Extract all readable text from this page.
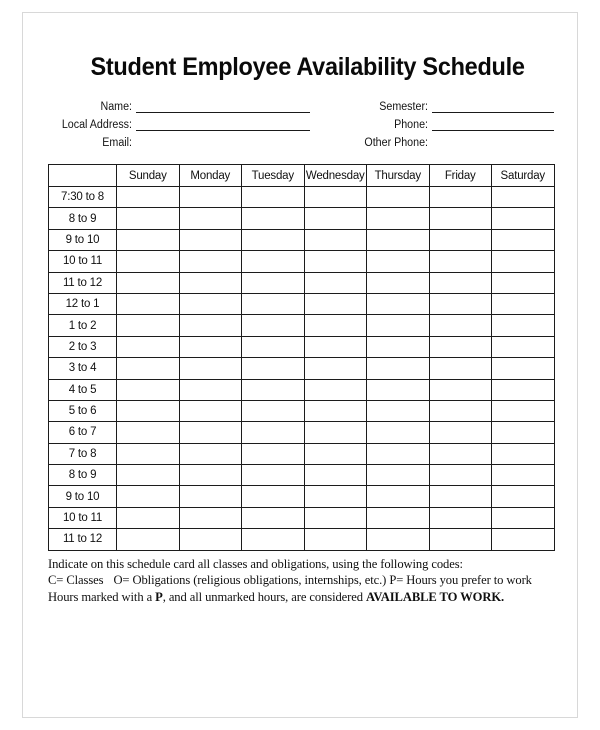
Student Employee Availability Schedule
Name:
Local Address:
Email:
Semester:
Phone:
Other Phone:
	Sunday	Monday	Tuesday	Wednesday	Thursday	Friday	Saturday
7:30 to 8							
8 to 9							
9 to 10							
10 to 11							
11 to 12							
12 to 1							
1 to 2							
2 to 3							
3 to 4							
4 to 5							
5 to 6							
6 to 7							
7 to 8							
8 to 9							
9 to 10							
10 to 11							
11 to 12							
Indicate on this schedule card all classes and obligations, using the following codes:
C= Classes O= Obligations (religious obligations, internships, etc.) P= Hours you prefer to work
Hours marked with a P, and all unmarked hours, are considered AVAILABLE TO WORK.
